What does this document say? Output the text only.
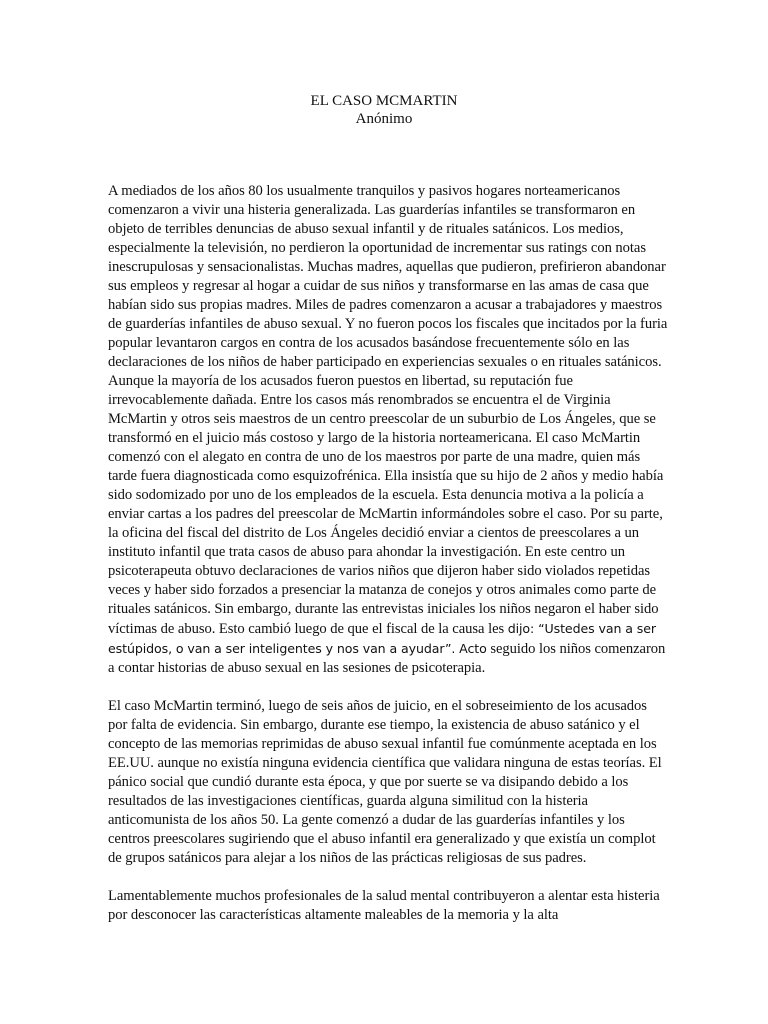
EL CASO MCMARTIN
Anónimo

A mediados de los años 80 los usualmente tranquilos y pasivos hogares norteamericanos comenzaron a vivir una histeria generalizada. Las guarderías infantiles se transformaron en objeto de terribles denuncias de abuso sexual infantil y de rituales satánicos. Los medios, especialmente la televisión, no perdieron la oportunidad de incrementar sus ratings con notas inescrupulosas y sensacionalistas. Muchas madres, aquellas que pudieron, prefirieron abandonar sus empleos y regresar al hogar a cuidar de sus niños y transformarse en las amas de casa que habían sido sus propias madres. Miles de padres comenzaron a acusar a trabajadores y maestros de guarderías infantiles de abuso sexual. Y no fueron pocos los fiscales que incitados por la furia popular levantaron cargos en contra de los acusados basándose frecuentemente sólo en las declaraciones de los niños de haber participado en experiencias sexuales o en rituales satánicos. Aunque la mayoría de los acusados fueron puestos en libertad, su reputación fue irrevocablemente dañada. Entre los casos más renombrados se encuentra el de Virginia McMartin y otros seis maestros de un centro preescolar de un suburbio de Los Ángeles, que se transformó en el juicio más costoso y largo de la historia norteamericana. El caso McMartin comenzó con el alegato en contra de uno de los maestros por parte de una madre, quien más tarde fuera diagnosticada como esquizofrénica. Ella insistía que su hijo de 2 años y medio había sido sodomizado por uno de los empleados de la escuela. Esta denuncia motiva a la policía a enviar cartas a los padres del preescolar de McMartin informándoles sobre el caso. Por su parte, la oficina del fiscal del distrito de Los Ángeles decidió enviar a cientos de preescolares a un instituto infantil que trata casos de abuso para ahondar la investigación. En este centro un psicoterapeuta obtuvo declaraciones de varios niños que dijeron haber sido violados repetidas veces y haber sido forzados a presenciar la matanza de conejos y otros animales como parte de rituales satánicos. Sin embargo, durante las entrevistas iniciales los niños negaron el haber sido víctimas de abuso. Esto cambió luego de que el fiscal de la causa les dijo: “Ustedes van a ser estúpidos, o van a ser inteligentes y nos van a ayudar”. Acto seguido los niños comenzaron a contar historias de abuso sexual en las sesiones de psicoterapia.

El caso McMartin terminó, luego de seis años de juicio, en el sobreseimiento de los acusados por falta de evidencia. Sin embargo, durante ese tiempo, la existencia de abuso satánico y el concepto de las memorias reprimidas de abuso sexual infantil fue comúnmente aceptada en los EE.UU. aunque no existía ninguna evidencia científica que validara ninguna de estas teorías. El pánico social que cundió durante esta época, y que por suerte se va disipando debido a los resultados de las investigaciones científicas, guarda alguna similitud con la histeria anticomunista de los años 50. La gente comenzó a dudar de las guarderías infantiles y los centros preescolares sugiriendo que el abuso infantil era generalizado y que existía un complot de grupos satánicos para alejar a los niños de las prácticas religiosas de sus padres.

Lamentablemente muchos profesionales de la salud mental contribuyeron a alentar esta histeria por desconocer las características altamente maleables de la memoria y la alta
